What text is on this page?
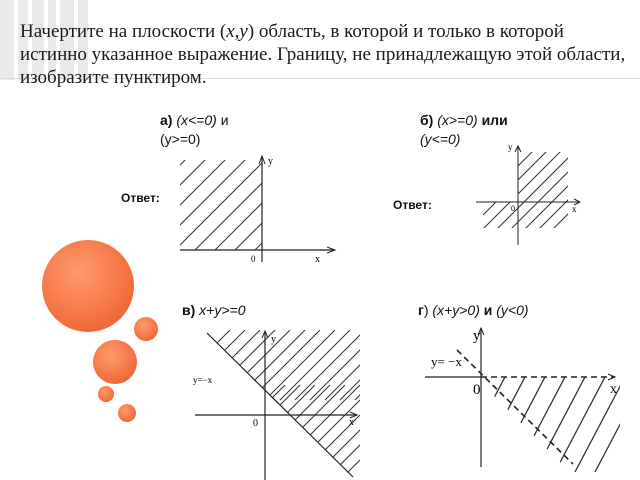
Начертите на плоскости (x,y) область, в которой и только в которой истинно указанное выражение. Границу, не принадлежащую этой области, изобразите пунктиром.
а) (x<=0) и
(y>=0)
б) (x>=0) или
(y<=0)
Ответ:	Ответ:
в) x+y>=0	г) (x+y>0) и (y<0)
y
x
0
y
x
0
y
x
0
y=−x
y
x
0
y= −x
